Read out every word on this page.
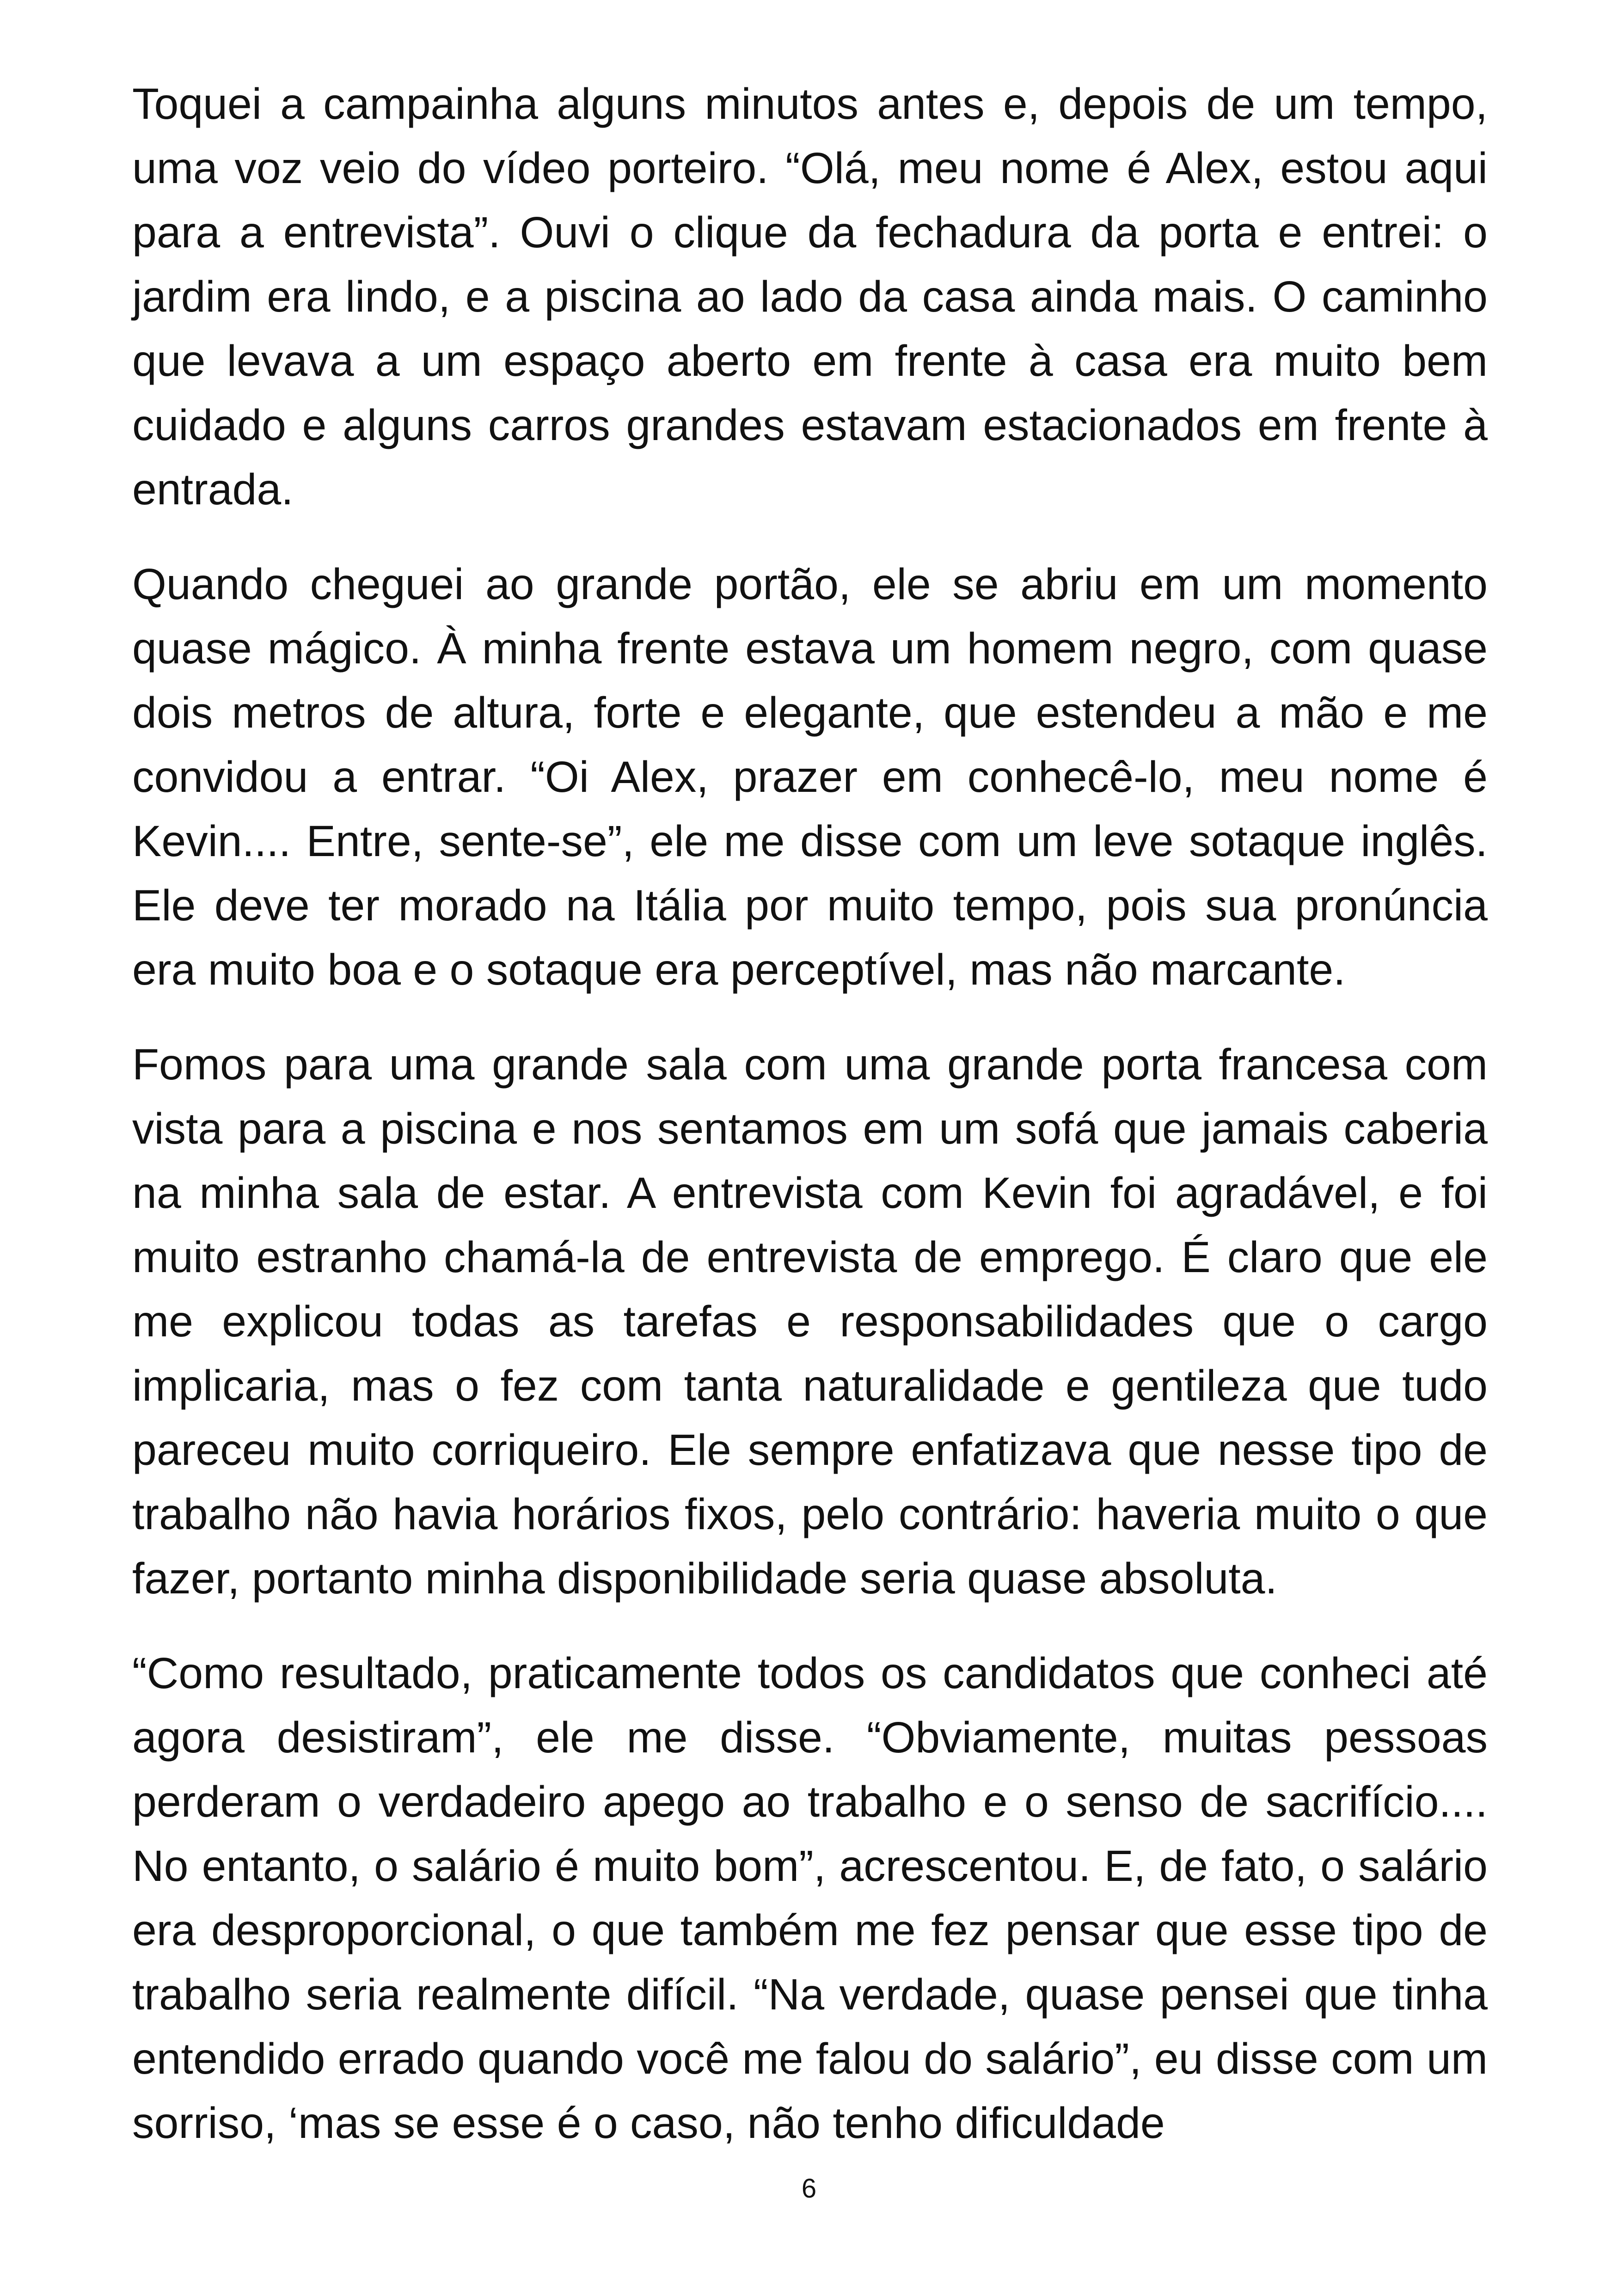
Toquei a campainha alguns minutos antes e, depois de um tempo, uma voz veio do vídeo porteiro. “Olá, meu nome é Alex, estou aqui para a entrevista”. Ouvi o clique da fechadura da porta e entrei: o jardim era lindo, e a piscina ao lado da casa ainda mais. O caminho que levava a um espaço aberto em frente à casa era muito bem cuidado e alguns carros grandes estavam estacionados em frente à entrada.

Quando cheguei ao grande portão, ele se abriu em um momento quase mágico. À minha frente estava um homem negro, com quase dois metros de altura, forte e elegante, que estendeu a mão e me convidou a entrar. “Oi Alex, prazer em conhecê-lo, meu nome é Kevin.... Entre, sente-se”, ele me disse com um leve sotaque inglês. Ele deve ter morado na Itália por muito tempo, pois sua pronúncia era muito boa e o sotaque era perceptível, mas não marcante.

Fomos para uma grande sala com uma grande porta francesa com vista para a piscina e nos sentamos em um sofá que jamais caberia na minha sala de estar. A entrevista com Kevin foi agradável, e foi muito estranho chamá-la de entrevista de emprego. É claro que ele me explicou todas as tarefas e responsabilidades que o cargo implicaria, mas o fez com tanta naturalidade e gentileza que tudo pareceu muito corriqueiro. Ele sempre enfatizava que nesse tipo de trabalho não havia horários fixos, pelo contrário: haveria muito o que fazer, portanto minha disponibilidade seria quase absoluta.

“Como resultado, praticamente todos os candidatos que conheci até agora desistiram”, ele me disse. “Obviamente, muitas pessoas perderam o verdadeiro apego ao trabalho e o senso de sacrifício.... No entanto, o salário é muito bom”, acrescentou. E, de fato, o salário era desproporcional, o que também me fez pensar que esse tipo de trabalho seria realmente difícil. “Na verdade, quase pensei que tinha entendido errado quando você me falou do salário”, eu disse com um sorriso, ‘mas se esse é o caso, não tenho dificuldade

6
